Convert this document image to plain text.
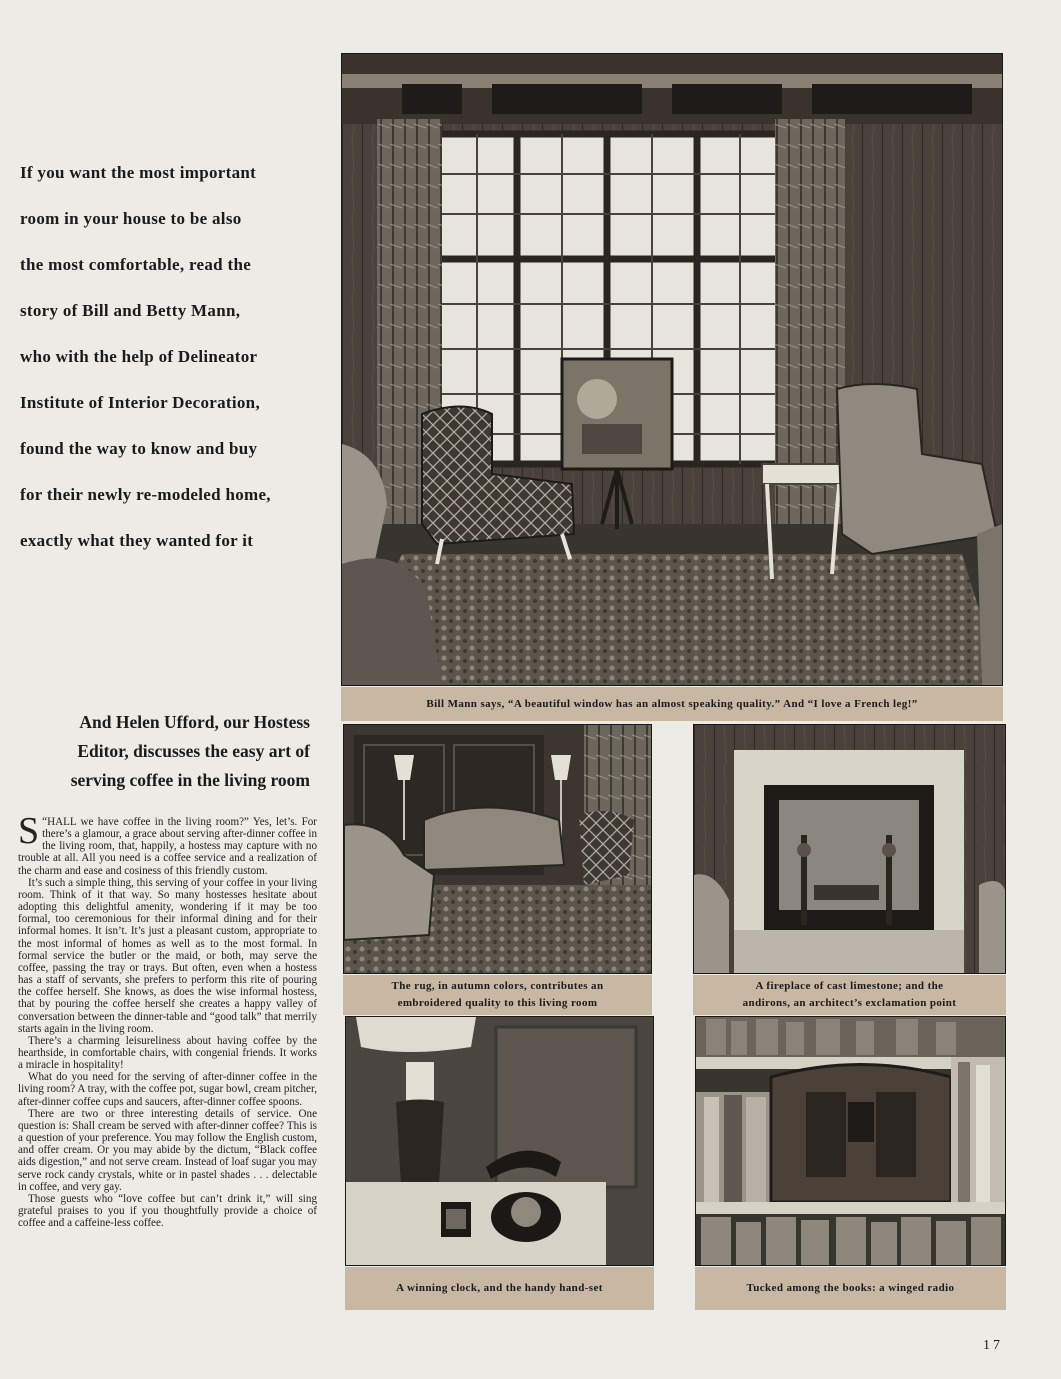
If you want the most important
room in your house to be also
the most comfortable, read the
story of Bill and Betty Mann,
who with the help of Delineator
Institute of Interior Decoration,
found the way to know and buy
for their newly re-modeled home,
exactly what they wanted for it
And Helen Ufford, our Hostess
Editor, discusses the easy art of
serving coffee in the living room

S “HALL we have coffee in the living room?” Yes, let’s. For there’s a glamour, a grace about serving after-dinner coffee in the living room, that, happily, a hostess may capture with no trouble at all. All you need is a coffee service and a realization of the charm and ease and cosiness of this friendly custom.

It’s such a simple thing, this serving of your coffee in your living room. Think of it that way. So many hostesses hesitate about adopting this delightful amenity, wondering if it may be too formal, too ceremonious for their informal dining and for their informal homes. It isn’t. It’s just a pleasant custom, appropriate to the most informal of homes as well as to the most formal. In formal service the butler or the maid, or both, may serve the coffee, passing the tray or trays. But often, even when a hostess has a staff of servants, she prefers to perform this rite of pouring the coffee herself. She knows, as does the wise informal hostess, that by pouring the coffee herself she creates a happy valley of conversation between the dinner-table and “good talk” that merrily starts again in the living room.

There’s a charming leisureliness about having coffee by the hearthside, in comfortable chairs, with congenial friends. It works a miracle in hospitality!

What do you need for the serving of after-dinner coffee in the living room? A tray, with the coffee pot, sugar bowl, cream pitcher, after-dinner coffee cups and saucers, after-dinner coffee spoons.

There are two or three interesting details of service. One question is: Shall cream be served with after-dinner coffee? This is a question of your preference. You may follow the English custom, and offer cream. Or you may abide by the dictum, “Black coffee aids digestion,” and not serve cream. Instead of loaf sugar you may serve rock candy crystals, white or in pastel shades . . . delectable in coffee, and very gay.

Those guests who “love coffee but can’t drink it,” will sing grateful praises to you if you thoughtfully provide a choice of coffee and a caffeine-less coffee.

Bill Mann says, “A beautiful window has an almost speaking quality.” And “I love a French leg!”
The rug, in autumn colors, contributes an
embroidered quality to this living room
A fireplace of cast limestone; and the
andirons, an architect’s exclamation point
A winning clock, and the handy hand-set	Tucked among the books: a winged radio
17
